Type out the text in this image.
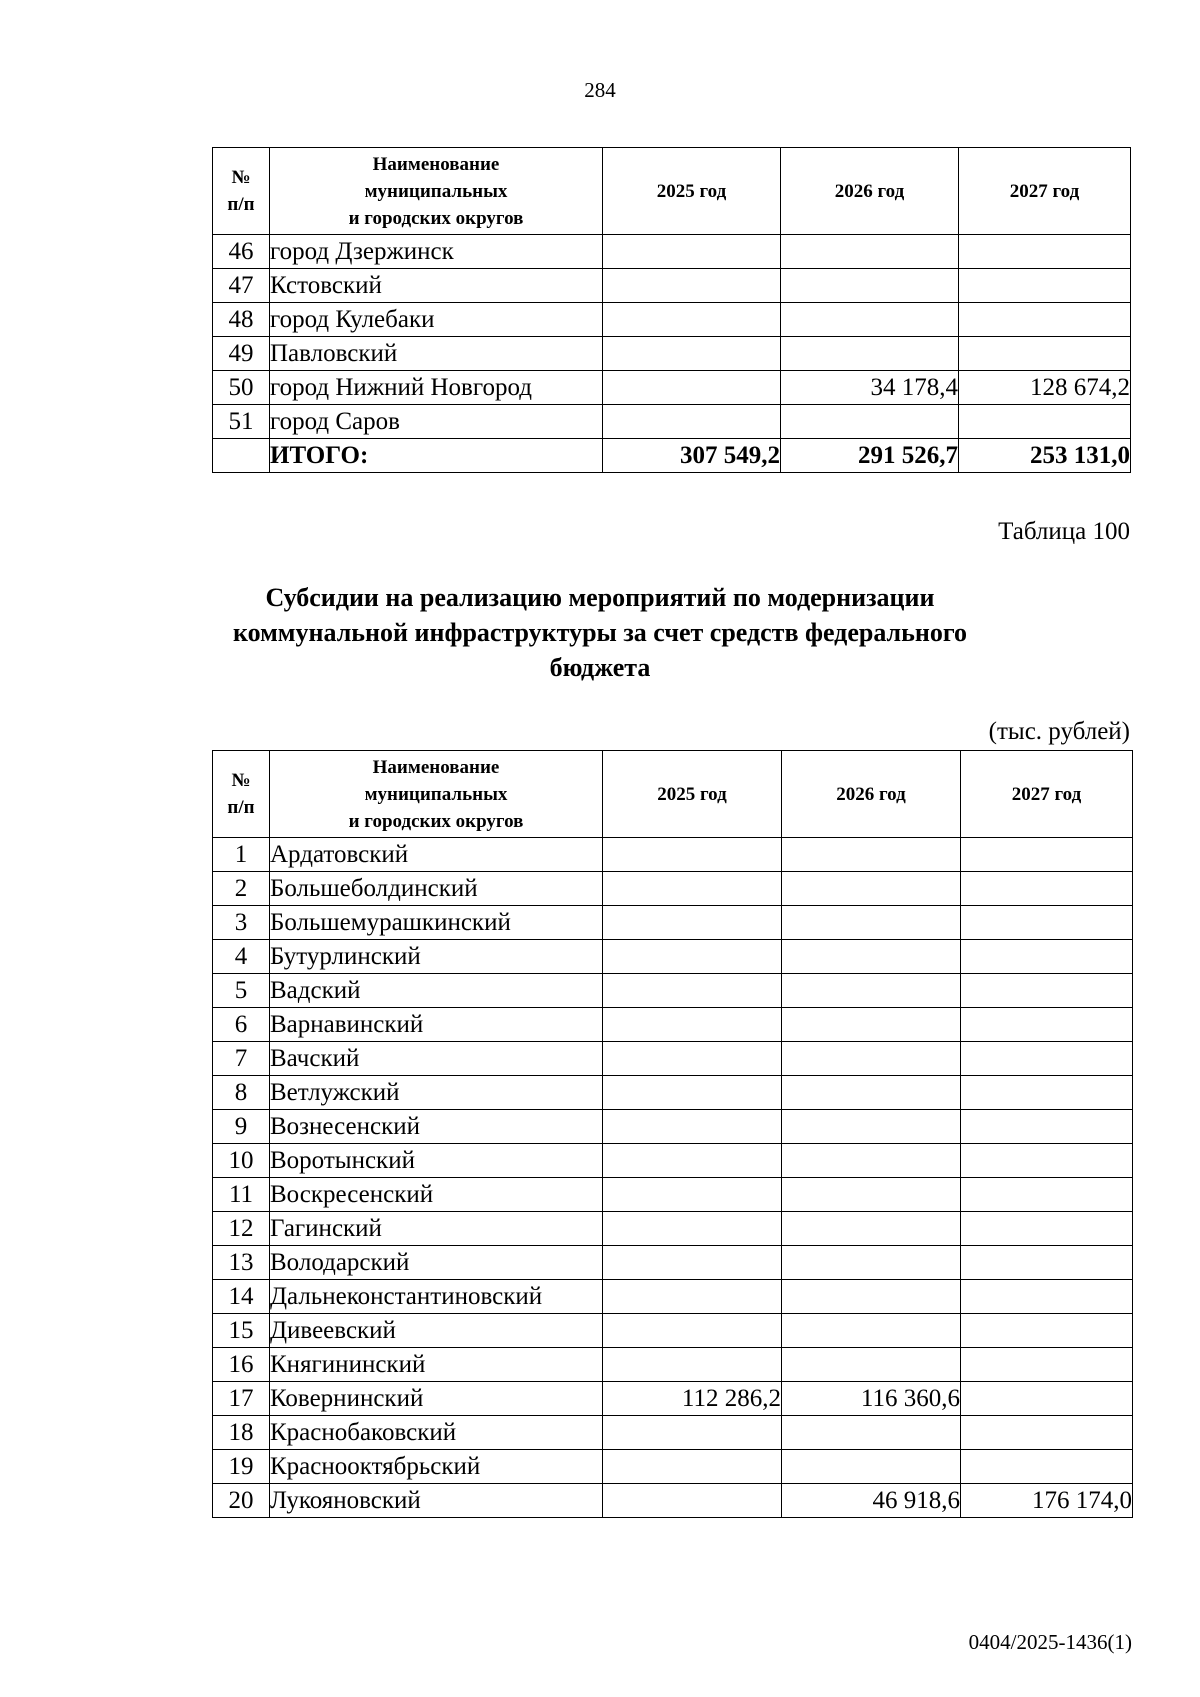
284
№
п/п	Наименование
муниципальных
и городских округов	2025 год	2026 год	2027 год
46	город Дзержинск			
47	Кстовский			
48	город Кулебаки			
49	Павловский			
50	город Нижний Новгород		34 178,4	128 674,2
51	город Саров			
	ИТОГО:	307 549,2	291 526,7	253 131,0
Таблица 100
Субсидии на реализацию мероприятий по модернизации
коммунальной инфраструктуры за счет средств федерального
бюджета
(тыс. рублей)
№
п/п	Наименование
муниципальных
и городских округов	2025 год	2026 год	2027 год
1	Ардатовский			
2	Большеболдинский			
3	Большемурашкинский			
4	Бутурлинский			
5	Вадский			
6	Варнавинский			
7	Вачский			
8	Ветлужский			
9	Вознесенский			
10	Воротынский			
11	Воскресенский			
12	Гагинский			
13	Володарский			
14	Дальнеконстантиновский			
15	Дивеевский			
16	Княгининский			
17	Ковернинский	112 286,2	116 360,6	
18	Краснобаковский			
19	Краснооктябрьский			
20	Лукояновский		46 918,6	176 174,0
0404/2025-1436(1)
